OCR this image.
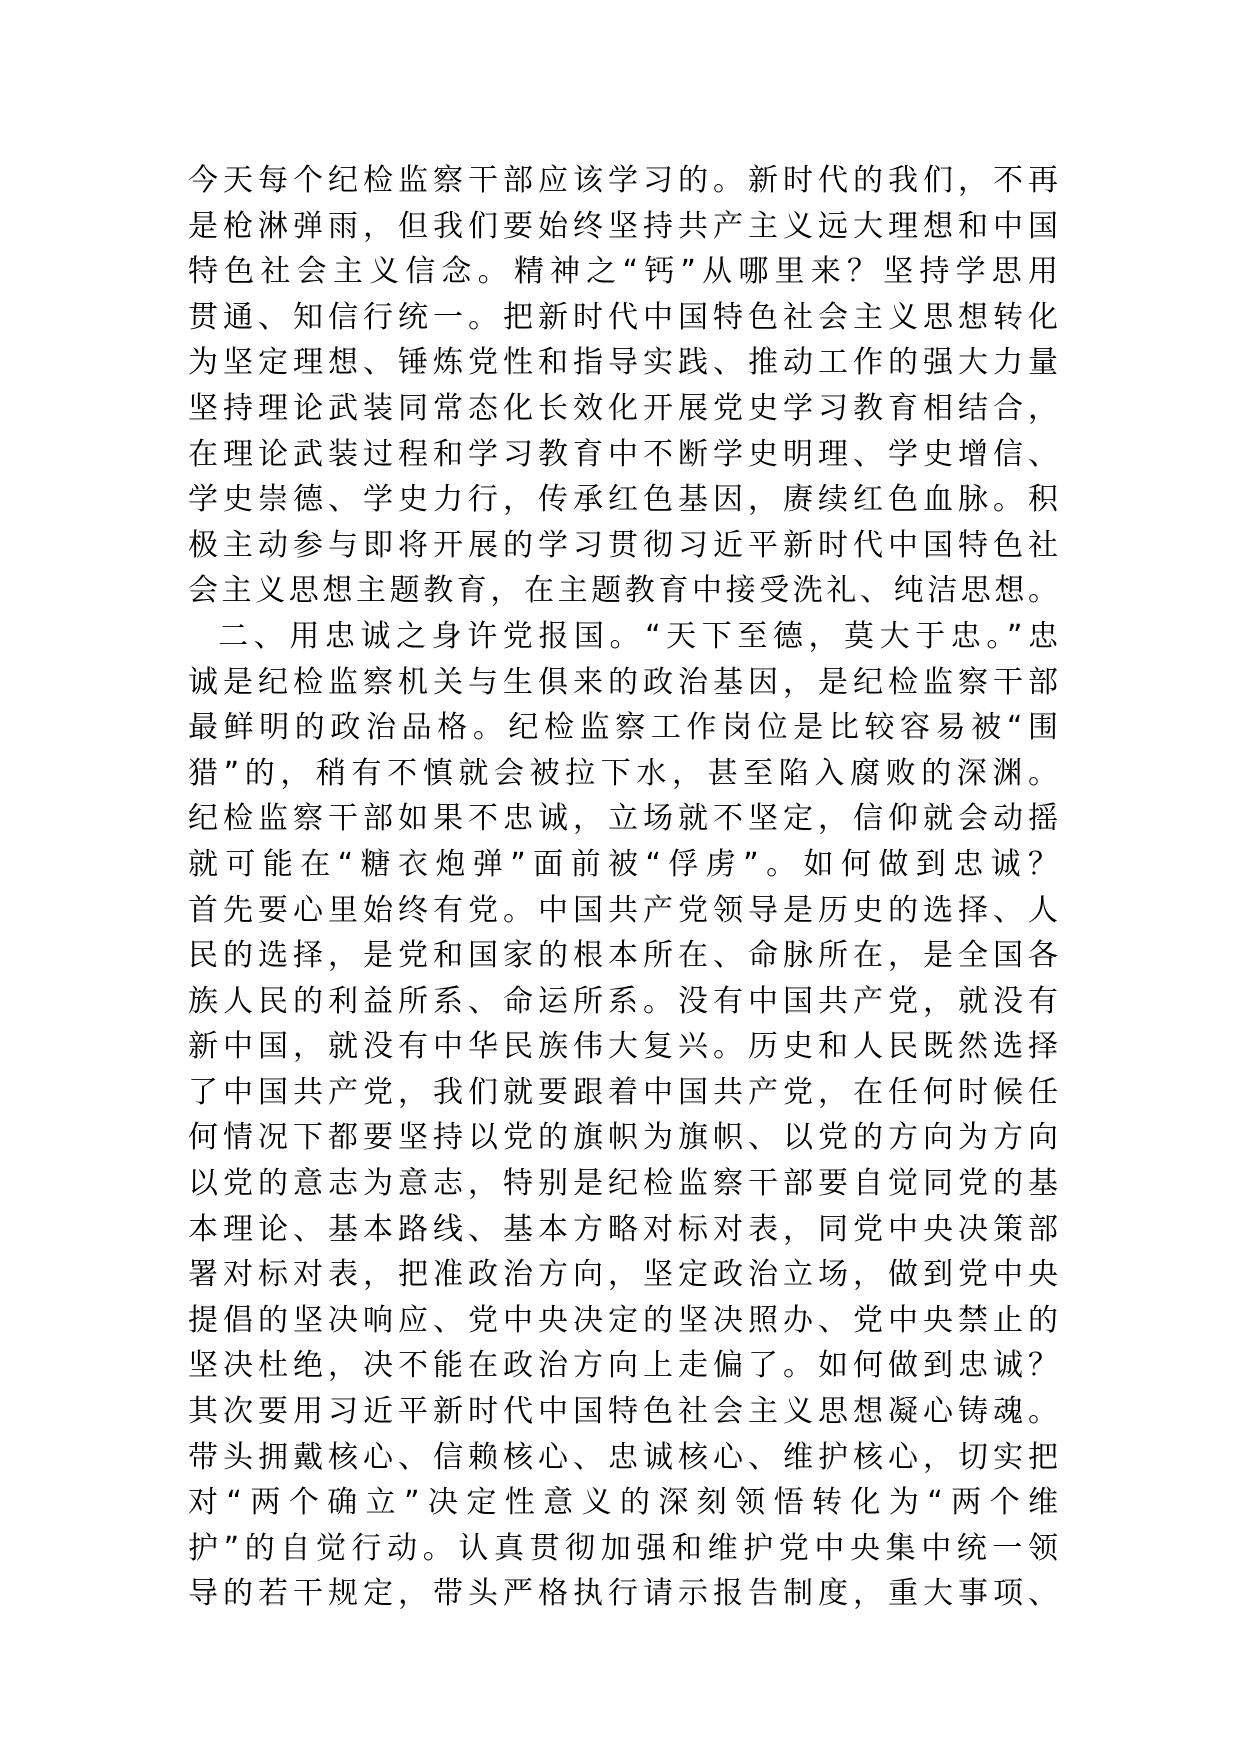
今天每个纪检监察干部应该学习的。新时代的我们，不再
是枪淋弹雨，但我们要始终坚持共产主义远大理想和中国
特色社会主义信念。精神之“钙”从哪里来？坚持学思用
贯通、知信行统一。把新时代中国特色社会主义思想转化
为坚定理想、锤炼党性和指导实践、推动工作的强大力量
坚持理论武装同常态化长效化开展党史学习教育相结合，
在理论武装过程和学习教育中不断学史明理、学史增信、
学史崇德、学史力行，传承红色基因，赓续红色血脉。积
极主动参与即将开展的学习贯彻习近平新时代中国特色社
会主义思想主题教育，在主题教育中接受洗礼、纯洁思想。
二、用忠诚之身许党报国。“天下至德，莫大于忠。”忠
诚是纪检监察机关与生俱来的政治基因，是纪检监察干部
最鲜明的政治品格。纪检监察工作岗位是比较容易被“围
猎”的，稍有不慎就会被拉下水，甚至陷入腐败的深渊。
纪检监察干部如果不忠诚，立场就不坚定，信仰就会动摇
就可能在“糖衣炮弹”面前被“俘虏”。如何做到忠诚？
首先要心里始终有党。中国共产党领导是历史的选择、人
民的选择，是党和国家的根本所在、命脉所在，是全国各
族人民的利益所系、命运所系。没有中国共产党，就没有
新中国，就没有中华民族伟大复兴。历史和人民既然选择
了中国共产党，我们就要跟着中国共产党，在任何时候任
何情况下都要坚持以党的旗帜为旗帜、以党的方向为方向
以党的意志为意志，特别是纪检监察干部要自觉同党的基
本理论、基本路线、基本方略对标对表，同党中央决策部
署对标对表，把准政治方向，坚定政治立场，做到党中央
提倡的坚决响应、党中央决定的坚决照办、党中央禁止的
坚决杜绝，决不能在政治方向上走偏了。如何做到忠诚？
其次要用习近平新时代中国特色社会主义思想凝心铸魂。
带头拥戴核心、信赖核心、忠诚核心、维护核心，切实把
对“两个确立”决定性意义的深刻领悟转化为“两个维
护”的自觉行动。认真贯彻加强和维护党中央集中统一领
导的若干规定，带头严格执行请示报告制度，重大事项、
